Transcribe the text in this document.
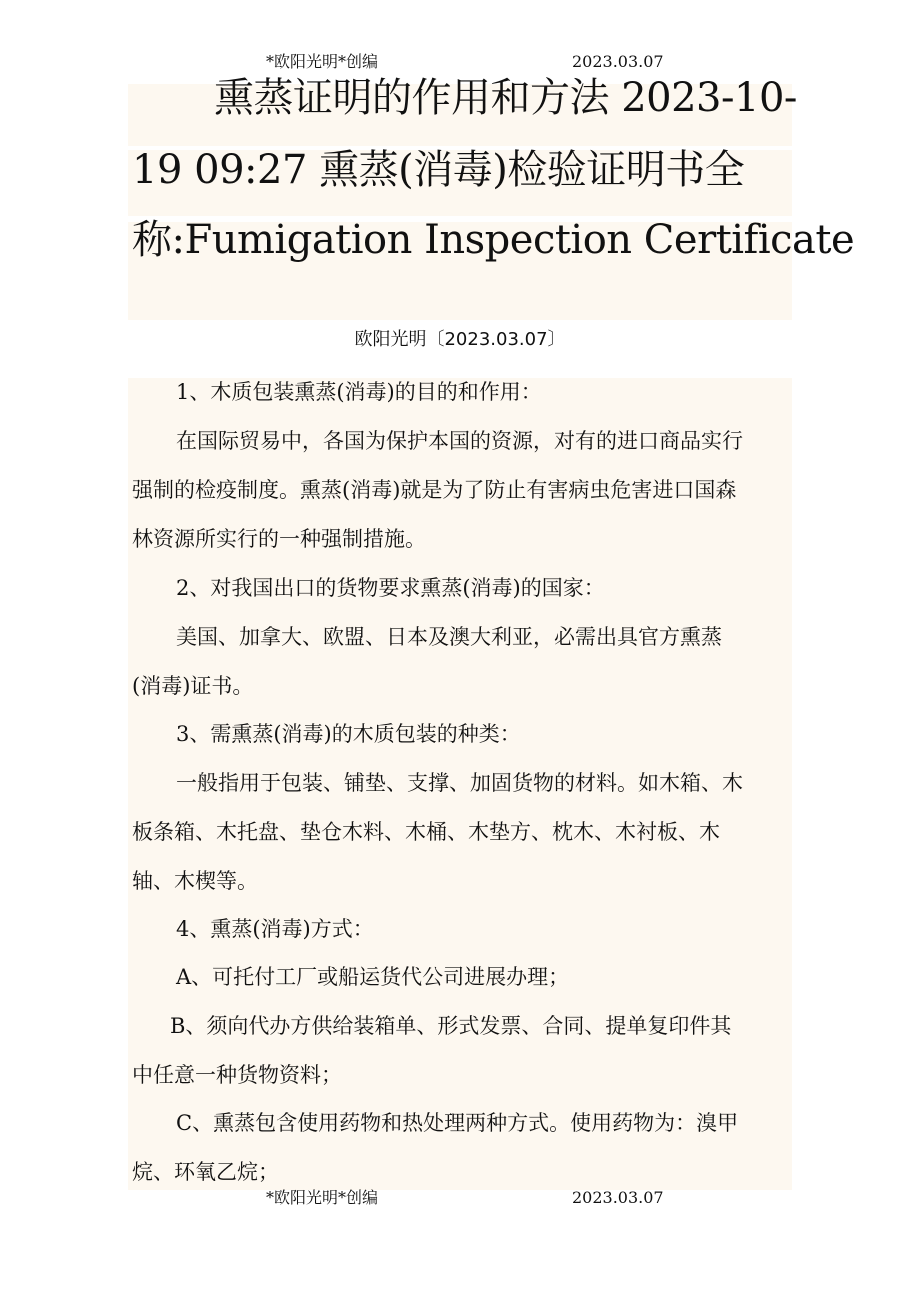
*欧阳光明*创编	2023.03.07
熏蒸证明的作用和方法 2023-10-
19 09:27 熏蒸(消毒)检验证明书全
称:Fumigation Inspection Certificate
欧阳光明〔2023.03.07〕
1、木质包装熏蒸(消毒)的目的和作用：
在国际贸易中，各国为保护本国的资源，对有的进口商品实行
强制的检疫制度。熏蒸(消毒)就是为了防止有害病虫危害进口国森
林资源所实行的一种强制措施。
2、对我国出口的货物要求熏蒸(消毒)的国家：
美国、加拿大、欧盟、日本及澳大利亚，必需出具官方熏蒸
(消毒)证书。
3、需熏蒸(消毒)的木质包装的种类：
一般指用于包装、铺垫、支撑、加固货物的材料。如木箱、木
板条箱、木托盘、垫仓木料、木桶、木垫方、枕木、木衬板、木
轴、木楔等。
4、熏蒸(消毒)方式：
A、可托付工厂或船运货代公司进展办理；
B、须向代办方供给装箱单、形式发票、合同、提单复印件其
中任意一种货物资料；
C、熏蒸包含使用药物和热处理两种方式。使用药物为：溴甲
烷、环氧乙烷；
*欧阳光明*创编	2023.03.07
